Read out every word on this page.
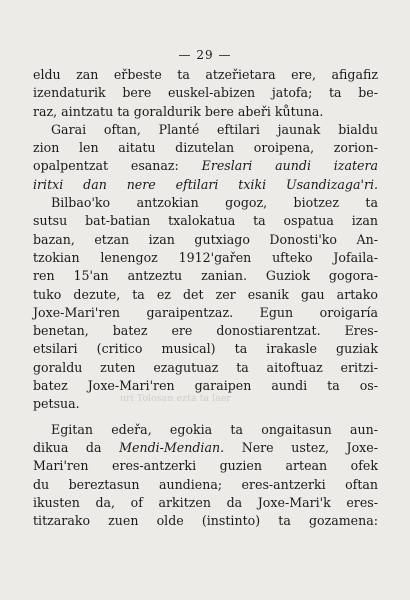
— 29 —
eldu zan eřbeste ta atzeřietara ere, afigafiz
izendaturik bere euskel-abizen jatofa; ta be-
raz, aintzatu ta goraldurik bere abeři kůtuna.
Garai oftan, Planté eftilari jaunak bialdu
zion len aitatu dizutelan oroipena, zorion-
opalpentzat esanaz: Ereslari aundi izatera
iritxi dan nere eftilari txiki Usandizaga'ri.
Bilbao'ko antzokian gogoz, biotzez ta
sutsu bat-batian txalokatua ta ospatua izan
bazan, etzan izan gutxiago Donosti'ko An-
tzokian lenengoz 1912'gařen ufteko Jofaila-
ren 15'an antzeztu zanian. Guziok gogora-
tuko dezute, ta ez det zer esanik gau artako
Joxe-Mari'ren garaipentzaz. Egun oroigaría
benetan, batez ere donostiarentzat. Eres-
etsilari (critico musical) ta irakasle guziak
goraldu zuten ezagutuaz ta aitoftuaz eritzi-
batez Joxe-Mari'ren garaipen aundi ta os-
petsua.
Egitan edeřa, egokia ta ongaitasun aun-
dikua da Mendi-Mendian. Nere ustez, Joxe-
Mari'ren eres-antzerki guzien artean ofek
du bereztasun aundiena; eres-antzerki oftan
ikusten da, of arkitzen da Joxe-Mari'k eres-
titzarako zuen olde (instinto) ta gozamena:
uri Tolosan ezta ta laer
